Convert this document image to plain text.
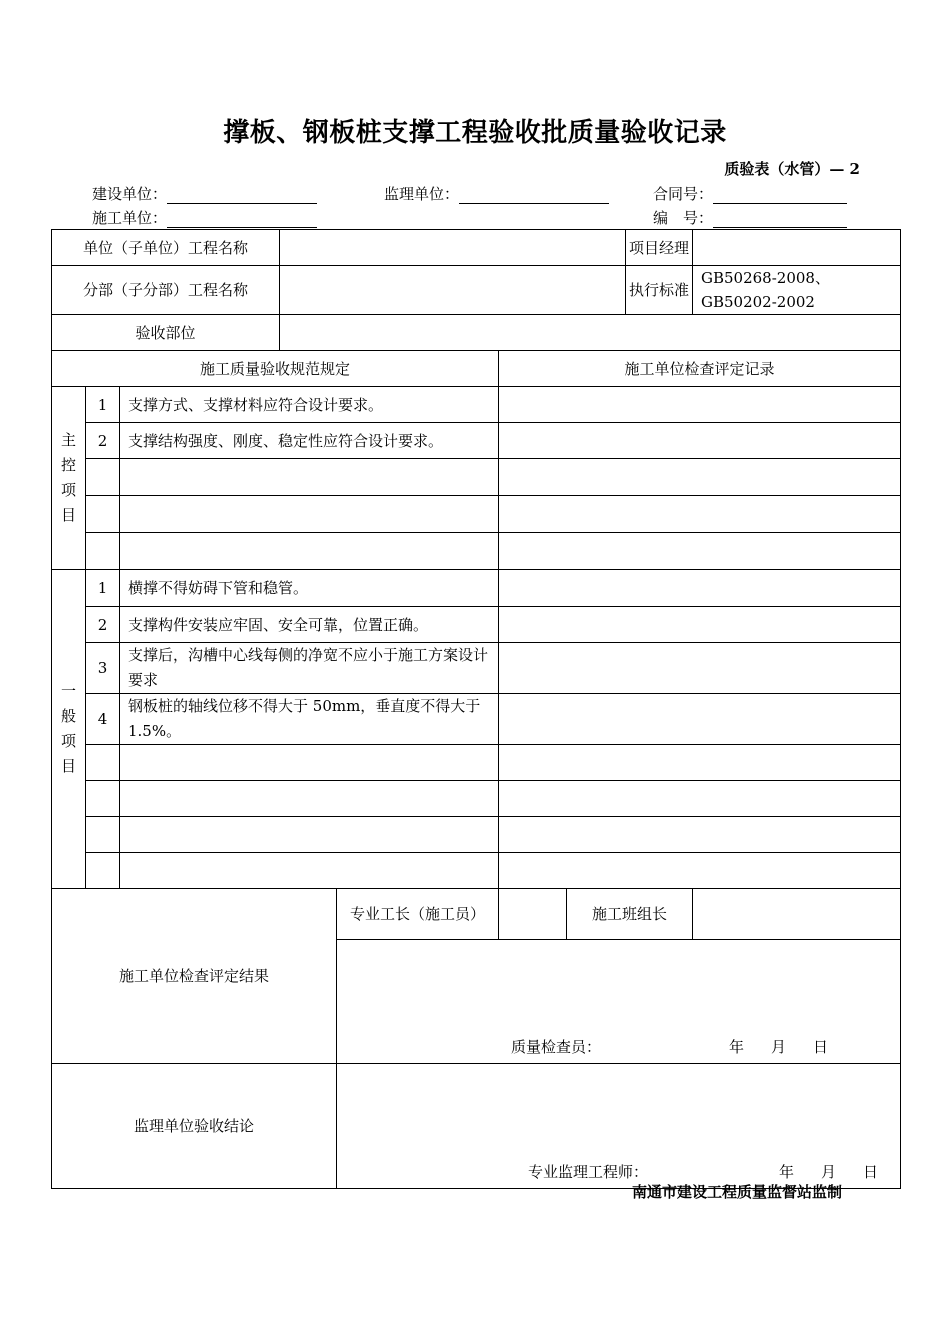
撑板、钢板桩支撑工程验收批质量验收记录
质验表（水管）— 2
建设单位：	监理单位：	合同号：
施工单位：	编　号：
单位（子单位）工程名称							项目经理	
分部（子分部）工程名称							执行标准	GB50268-2008、GB50202-2002
验收部位								
施工质量验收规范规定					施工单位检查评定记录			

主
控
项
目	1	支撑方式、支撑材料应符合设计要求。						
	2	支撑结构强度、刚度、稳定性应符合设计要求。						

一
般
项
目	1	横撑不得妨碍下管和稳管。						
	2	支撑构件安装应牢固、安全可靠，位置正确。						
	3	支撑后，沟槽中心线每侧的净宽不应小于施工方案设计要求						
	4	钢板桩的轴线位移不得大于 50mm，垂直度不得大于 1.5%。						

施工单位检查评定结果				专业工长（施工员）		施工班组长		

				质量检查员： 年 月 日				

监理单位验收结论				专业监理工程师： 年 月 日				
南通市建设工程质量监督站监制
